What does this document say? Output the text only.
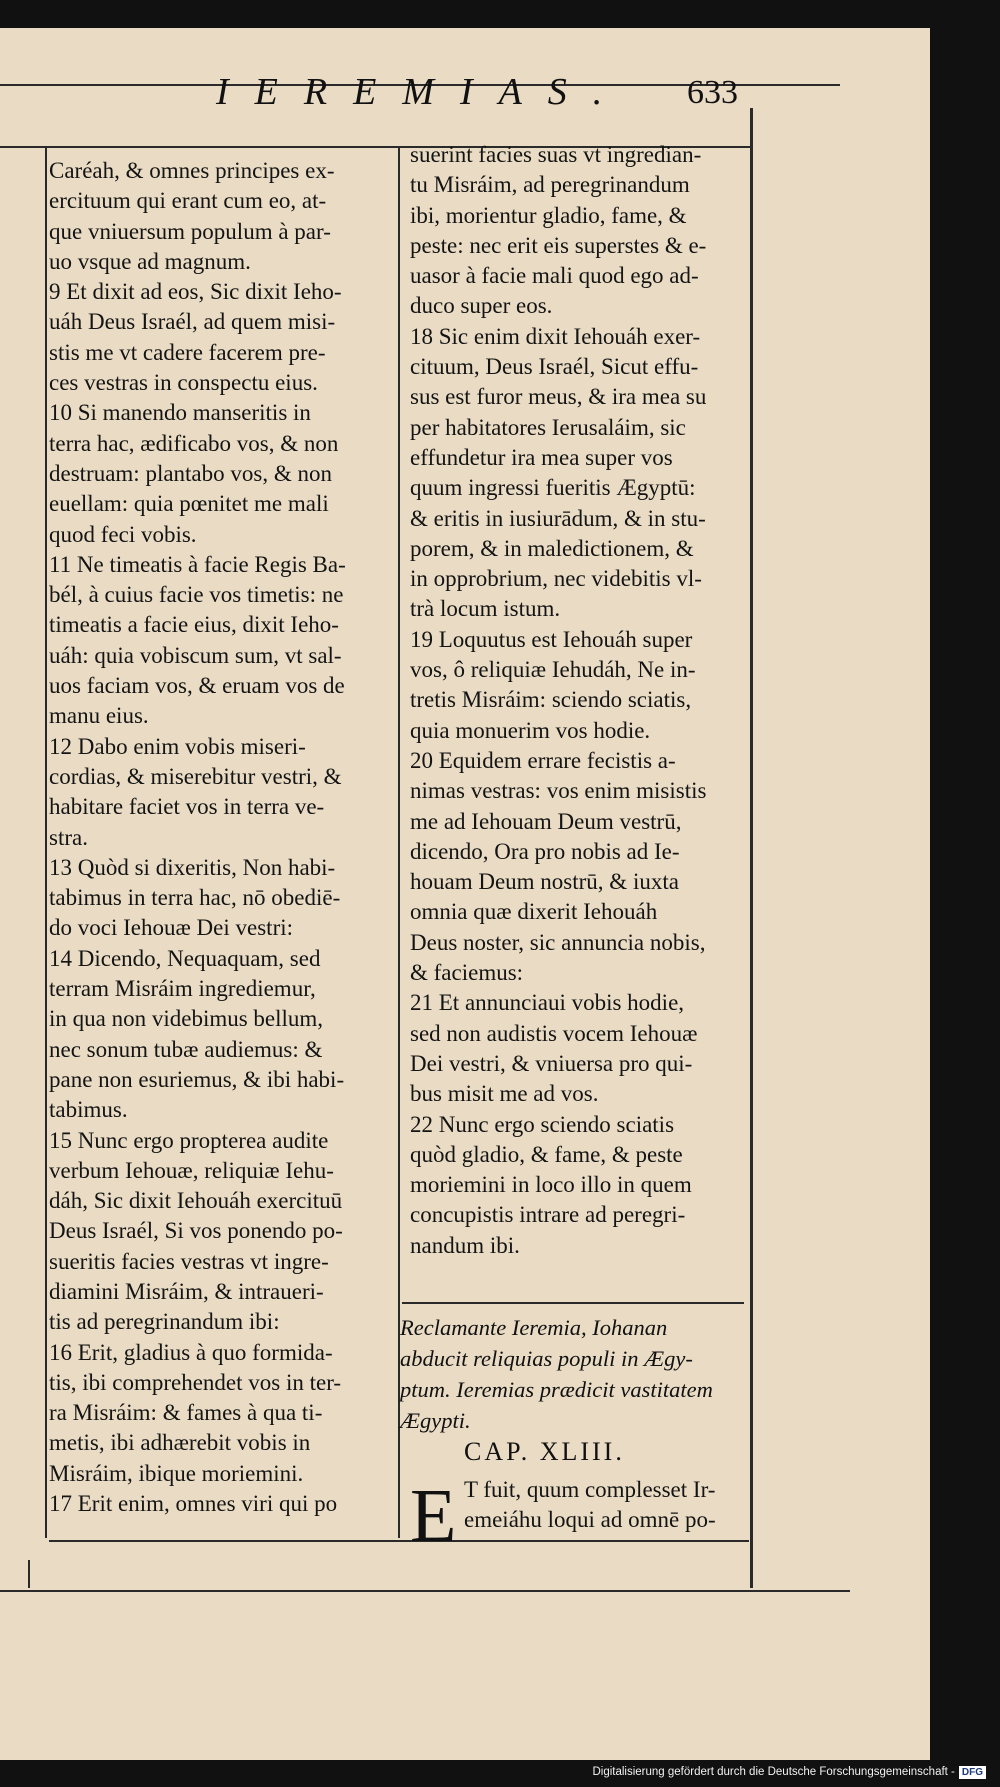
IEREMIAS. 633
Caréah, & omnes principes ex-
ercituum qui erant cum eo, at-
que vniuersum populum à par-
uo vsque ad magnum.
9 Et dixit ad eos, Sic dixit Ieho-
uáh Deus Israél, ad quem misi-
stis me vt cadere facerem pre-
ces vestras in conspectu eius.
10 Si manendo manseritis in
terra hac, ædificabo vos, & non
destruam: plantabo vos, & non
euellam: quia pœnitet me mali
quod feci vobis.
11 Ne timeatis à facie Regis Ba-
bél, à cuius facie vos timetis: ne
timeatis a facie eius, dixit Ieho-
uáh: quia vobiscum sum, vt sal-
uos faciam vos, & eruam vos de
manu eius.
12 Dabo enim vobis miseri-
cordias, & miserebitur vestri, &
habitare faciet vos in terra ve-
stra.
13 Quòd si dixeritis, Non habi-
tabimus in terra hac, nō obediē-
do voci Iehouæ Dei vestri:
14 Dicendo, Nequaquam, sed
terram Misráim ingrediemur,
in qua non videbimus bellum,
nec sonum tubæ audiemus: &
pane non esuriemus, & ibi habi-
tabimus.
15 Nunc ergo propterea audite
verbum Iehouæ, reliquiæ Iehu-
dáh, Sic dixit Iehouáh exercituū
Deus Israél, Si vos ponendo po-
sueritis facies vestras vt ingre-
diamini Misráim, & intraueri-
tis ad peregrinandum ibi:
16 Erit, gladius à quo formida-
tis, ibi comprehendet vos in ter-
ra Misráim: & fames à qua ti-
metis, ibi adhærebit vobis in
Misráim, ibique moriemini.
17 Erit enim, omnes viri qui po
suerint facies suas vt ingredian-
tu Misráim, ad peregrinandum
ibi, morientur gladio, fame, &
peste: nec erit eis superstes & e-
uasor à facie mali quod ego ad-
duco super eos.
18 Sic enim dixit Iehouáh exer-
cituum, Deus Israél, Sicut effu-
sus est furor meus, & ira mea su
per habitatores Ierusaláim, sic
effundetur ira mea super vos
quum ingressi fueritis Ægyptū:
& eritis in iusiurādum, & in stu-
porem, & in maledictionem, &
in opprobrium, nec videbitis vl-
trà locum istum.
19 Loquutus est Iehouáh super
vos, ô reliquiæ Iehudáh, Ne in-
tretis Misráim: sciendo sciatis,
quia monuerim vos hodie.
20 Equidem errare fecistis a-
nimas vestras: vos enim misistis
me ad Iehouam Deum vestrū,
dicendo, Ora pro nobis ad Ie-
houam Deum nostrū, & iuxta
omnia quæ dixerit Iehouáh
Deus noster, sic annuncia nobis,
& faciemus:
21 Et annunciaui vobis hodie,
sed non audistis vocem Iehouæ
Dei vestri, & vniuersa pro qui-
bus misit me ad vos.
22 Nunc ergo sciendo sciatis
quòd gladio, & fame, & peste
moriemini in loco illo in quem
concupistis intrare ad peregri-
nandum ibi.
Reclamante Ieremia, Iohanan
abducit reliquias populi in Ægy-
ptum. Ieremias prædicit vastitatem
Ægypti.
CAP. XLIII.
E T fuit, quum complesset Ir-
emeiáhu loqui ad omnē po-
Digitalisierung gefördert durch die Deutsche Forschungsgemeinschaft - DFG
